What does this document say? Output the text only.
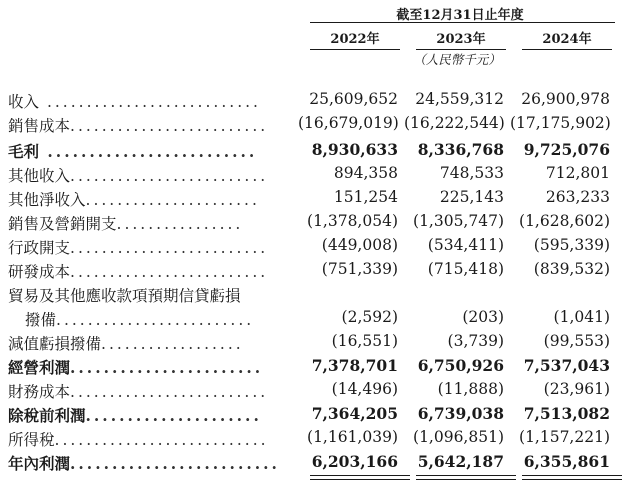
截至12月31日止年度
2022年	2023年	2024年
（人民幣千元）
收入 ...........................	25,609,652	24,559,312	26,900,978
銷售成本.........................	(16,679,019) (16,222,544) (17,175,902)
毛利 .........................	8,930,633	8,336,768	9,725,076
其他收入.........................	894,358	748,533	712,801
其他淨收入......................	151,254	225,143	263,233
銷售及營銷開支................	(1,378,054) (1,305,747) (1,628,602)
行政開支.........................	(449,008)	(534,411)	(595,339)
研發成本.........................	(751,339)	(715,418)	(839,532)
貿易及其他應收款項預期信貸虧損
撥備.........................	(2,592)	(203)	(1,041)
減值虧損撥備..................	(16,551)	(3,739)	(99,553)
經營利潤.......................	7,378,701	6,750,926	7,537,043
財務成本.........................	(14,496)	(11,888)	(23,961)
除稅前利潤.....................	7,364,205	6,739,038	7,513,082
所得稅...........................	(1,161,039) (1,096,851) (1,157,221)
年內利潤.........................	6,203,166	5,642,187	6,355,861
